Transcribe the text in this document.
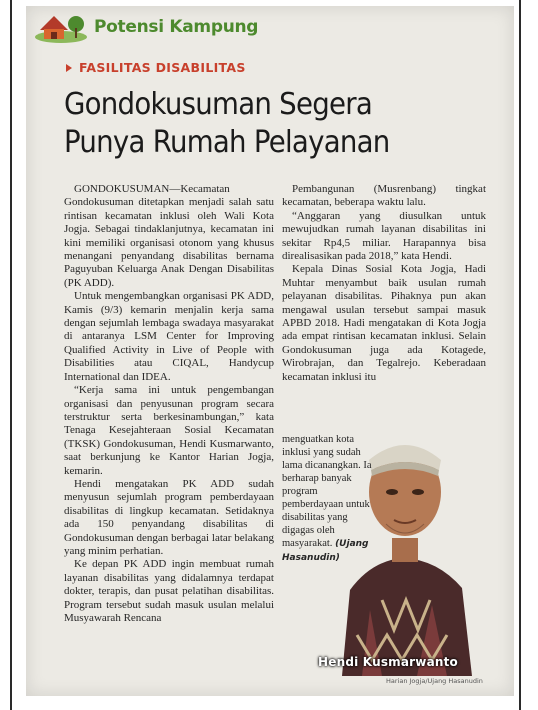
Potensi Kampung
FASILITAS DISABILITAS
Gondokusuman Segera
Punya Rumah Pelayanan

GONDOKUSUMAN—Kecamatan Gondokusuman ditetapkan menjadi salah satu rintisan kecamatan inklusi oleh Wali Kota Jogja. Sebagai tindaklanjutnya, kecamatan ini kini memiliki organisasi otonom yang khusus menangani penyandang disabilitas bernama Paguyuban Keluarga Anak Dengan Disabilitas (PK ADD).

Untuk mengembangkan organisasi PK ADD, Kamis (9/3) kemarin menjalin kerja sama dengan sejumlah lembaga swadaya masyarakat di antaranya LSM Center for Improving Qualified Activity in Live of People with Disabilities atau CIQAL, Handycup International dan IDEA.

“Kerja sama ini untuk pengembangan organisasi dan penyusunan program secara terstruktur serta berkesinambungan,” kata Tenaga Kesejahteraan Sosial Kecamatan (TKSK) Gondokusuman, Hendi Kusmarwanto, saat berkunjung ke Kantor Harian Jogja, kemarin.

Hendi mengatakan PK ADD sudah menyusun sejumlah program pemberdayaan disabilitas di lingkup kecamatan. Setidaknya ada 150 penyandang disabilitas di Gondokusuman dengan berbagai latar belakang yang minim perhatian.

Ke depan PK ADD ingin membuat rumah layanan disabilitas yang didalamnya terdapat dokter, terapis, dan pusat pelatihan disabilitas. Program tersebut sudah masuk usulan melalui Musyawarah Rencana

Pembangunan (Musrenbang) tingkat kecamatan, beberapa waktu lalu.

“Anggaran yang diusulkan untuk mewujudkan rumah layanan disabilitas ini sekitar Rp4,5 miliar. Harapannya bisa direalisasikan pada 2018,” kata Hendi.

Kepala Dinas Sosial Kota Jogja, Hadi Muhtar menyambut baik usulan rumah pelayanan disabilitas. Pihaknya pun akan mengawal usulan tersebut sampai masuk APBD 2018. Hadi mengatakan di Kota Jogja ada empat rintisan kecamatan inklusi. Selain Gondokusuman juga ada Kotagede, Wirobrajan, dan Tegalrejo. Keberadaan kecamatan inklusi itu

menguatkan kota inklusi yang sudah lama dicanangkan. Ia berharap banyak program pemberdayaan untuk disabilitas yang digagas oleh masyarakat. (Ujang Hasanudin)

Hendi Kusmarwanto
Harian Jogja/Ujang Hasanudin
